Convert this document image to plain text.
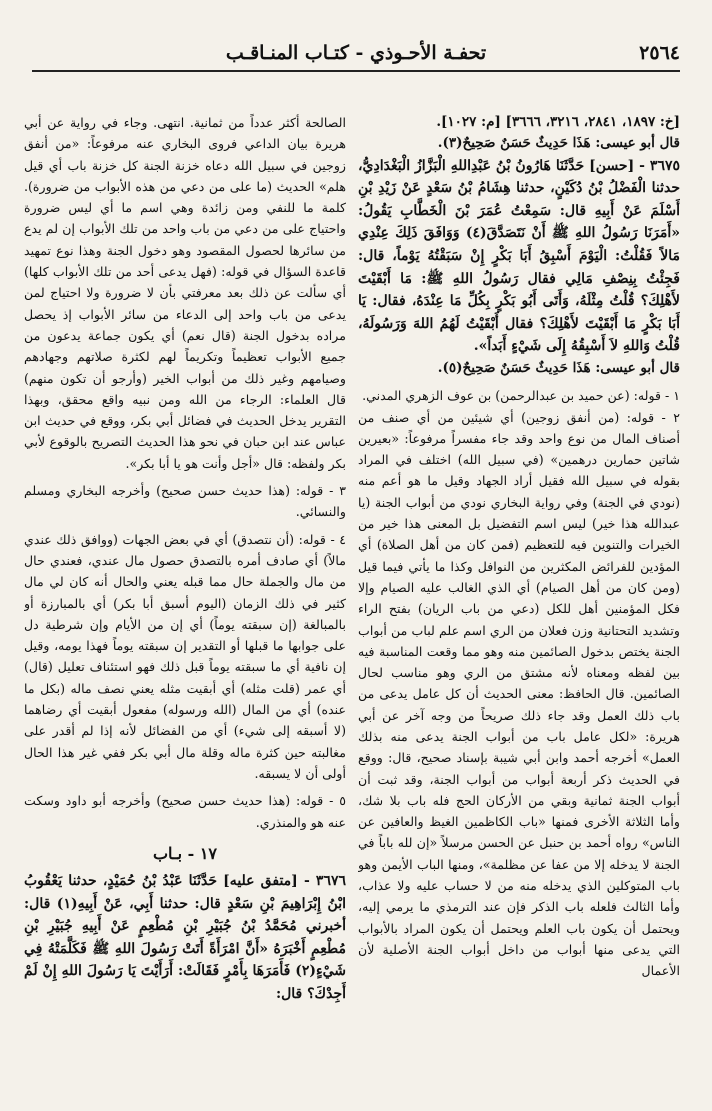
٢٥٦٤
تحفـة الأحـوذي - كتـاب المنـاقـب

[خ: ١٨٩٧، ٢٨٤١، ٣٢١٦، ٣٦٦٦] [م: ١٠٢٧].

قال أبو عيسى: هَذَا حَدِيثٌ حَسَنٌ صَحِيحٌ(٣).

٣٦٧٥ - [حسن] حَدَّثَنَا هَارُونُ بْنُ عَبْدِاللهِ الْبَزَّازُ الْبَغْدَادِيُّ، حدثنا الْفَضْلُ بْنُ دُكَيْنٍ، حدثنا هِشَامُ بْنُ سَعْدٍ عَنْ زَيْدِ بْنِ أَسْلَمَ عَنْ أَبِيهِ قال: سَمِعْتُ عُمَرَ بْنَ الْخَطَّابِ يَقُولُ: «أَمَرَنَا رَسُولُ اللهِ ﷺ أَنْ نَتَصَدَّقَ(٤) وَوَافَقَ ذَلِكَ عِنْدِي مَالاً فَقُلْتُ: الْيَوْمَ أَسْبِقُ أَبَا بَكْرٍ إِنْ سَبَقْتُهُ يَوْماً، قال: فَجِئْتُ بِنِصْفِ مَالِي فقال رَسُولُ اللهِ ﷺ: مَا أَبْقَيْتَ لأَهْلِكَ؟ قُلْتُ مِثْلَهُ، وَأَتَى أَبُو بَكْرٍ بِكُلِّ مَا عِنْدَهُ، فقال: يَا أَبَا بَكْرٍ مَا أَبْقَيْتَ لأَهْلِكَ؟ فقال أَبْقَيْتُ لَهُمُ اللهَ وَرَسُولَهُ، قُلْتُ وَاللهِ لاَ أَسْبِقُهُ إِلَى شَيْءٍ أَبَداً».

قال أبو عيسى: هَذَا حَدِيثٌ حَسَنٌ صَحِيحٌ(٥).

١ - قوله: (عن حميد بن عبدالرحمن) بن عوف الزهري المدني.

٢ - قوله: (من أنفق زوجين) أي شيئين من أي صنف من أصناف المال من نوع واحد وقد جاء مفسراً مرفوعاً: «بعيرين شاتين حمارين درهمين» (في سبيل الله) اختلف في المراد بقوله في سبيل الله فقيل أراد الجهاد وقيل ما هو أعم منه (نودي في الجنة) وفي رواية البخاري نودي من أبواب الجنة (يا عبدالله هذا خير) ليس اسم التفضيل بل المعنى هذا خير من الخيرات والتنوين فيه للتعظيم (فمن كان من أهل الصلاة) أي المؤدين للفرائض المكثرين من النوافل وكذا ما يأتي فيما قيل (ومن كان من أهل الصيام) أي الذي الغالب عليه الصيام وإلا فكل المؤمنين أهل للكل (دعي من باب الريان) بفتح الراء وتشديد التحتانية وزن فعلان من الري اسم علم لباب من أبواب الجنة يختص بدخول الصائمين منه وهو مما وقعت المناسبة فيه بين لفظه ومعناه لأنه مشتق من الري وهو مناسب لحال الصائمين. قال الحافظ: معنى الحديث أن كل عامل يدعى من باب ذلك العمل وقد جاء ذلك صريحاً من وجه آخر عن أبي هريرة: «لكل عامل باب من أبواب الجنة يدعى منه بذلك العمل» أخرجه أحمد وابن أبي شيبة بإسناد صحيح، قال: ووقع في الحديث ذكر أربعة أبواب من أبواب الجنة، وقد ثبت أن أبواب الجنة ثمانية وبقي من الأركان الحج فله باب بلا شك، وأما الثلاثة الأخرى فمنها «باب الكاظمين الغيظ والعافين عن الناس» رواه أحمد بن حنبل عن الحسن مرسلاً «إن لله باباً في الجنة لا يدخله إلا من عفا عن مظلمة»، ومنها الباب الأيمن وهو باب المتوكلين الذي يدخله منه من لا حساب عليه ولا عذاب، وأما الثالث فلعله باب الذكر فإن عند الترمذي ما يرمي إليه، ويحتمل أن يكون باب العلم ويحتمل أن يكون المراد بالأبواب التي يدعى منها أبواب من داخل أبواب الجنة الأصلية لأن الأعمال

الصالحة أكثر عدداً من ثمانية. انتهى. وجاء في رواية عن أبي هريرة بيان الداعي فروى البخاري عنه مرفوعاً: «من أنفق زوجين في سبيل الله دعاه خزنة الجنة كل خزنة باب أي قيل هلم» الحديث (ما على من دعي من هذه الأبواب من ضرورة). كلمة ما للنفي ومن زائدة وهي اسم ما أي ليس ضرورة واحتياج على من دعي من باب واحد من تلك الأبواب إن لم يدع من سائرها لحصول المقصود وهو دخول الجنة وهذا نوع تمهيد قاعدة السؤال في قوله: (فهل يدعى أحد من تلك الأبواب كلها) أي سألت عن ذلك بعد معرفتي بأن لا ضرورة ولا احتياج لمن يدعى من باب واحد إلى الدعاء من سائر الأبواب إذ يحصل مراده بدخول الجنة (قال نعم) أي يكون جماعة يدعون من جميع الأبواب تعظيماً وتكريماً لهم لكثرة صلاتهم وجهادهم وصيامهم وغير ذلك من أبواب الخير (وأرجو أن تكون منهم) قال العلماء: الرجاء من الله ومن نبيه واقع محقق، وبهذا التقرير يدخل الحديث في فضائل أبي بكر، ووقع في حديث ابن عباس عند ابن حبان في نحو هذا الحديث التصريح بالوقوع لأبي بكر ولفظه: قال «أجل وأنت هو يا أبا بكر».

٣ - قوله: (هذا حديث حسن صحيح) وأخرجه البخاري ومسلم والنسائي.

٤ - قوله: (أن نتصدق) أي في بعض الجهات (ووافق ذلك عندي مالاً) أي صادف أمره بالتصدق حصول مال عندي، فعندي حال من مال والجملة حال مما قبله يعني والحال أنه كان لي مال كثير في ذلك الزمان (اليوم أسبق أبا بكر) أي بالمبارزة أو بالمبالغة (إن سبقته يوماً) أي إن من الأيام وإن شرطية دل على جوابها ما قبلها أو التقدير إن سبقته يوماً فهذا يومه، وقيل إن نافية أي ما سبقته يوماً قبل ذلك فهو استئناف تعليل (قال) أي عمر (قلت مثله) أي أبقيت مثله يعني نصف ماله (بكل ما عنده) أي من المال (الله ورسوله) مفعول أبقيت أي رضاهما (لا أسبقه إلى شيء) أي من الفضائل لأنه إذا لم أقدر على مغالبته حين كثرة ماله وقلة مال أبي بكر ففي غير هذا الحال أولى أن لا يسبقه.

٥ - قوله: (هذا حديث حسن صحيح) وأخرجه أبو داود وسكت عنه هو والمنذري.

١٧ - بـاب

٣٦٧٦ - [متفق عليه] حَدَّثَنَا عَبْدُ بْنُ حُمَيْدٍ، حدثنا يَعْقُوبُ ابْنُ إِبْرَاهِيمَ بْنِ سَعْدٍ قال: حدثنا أَبِي، عَنْ أَبِيهِ(١) قال: أخبرني مُحَمَّدُ بْنُ جُبَيْرِ بْنِ مُطْعِمٍ عَنْ أَبِيهِ جُبَيْرِ بْنِ مُطْعِمٍ أَخْبَرَهُ «أَنَّ امْرَأَةً أَتَتْ رَسُولَ اللهِ ﷺ فَكَلَّمَتْهُ فِي شَيْءٍ(٢) فَأَمَرَهَا بِأَمْرٍ فَقَالَتْ: أَرَأَيْتَ يَا رَسُولَ اللهِ إِنْ لَمْ أَجِدْكَ؟ قال:
